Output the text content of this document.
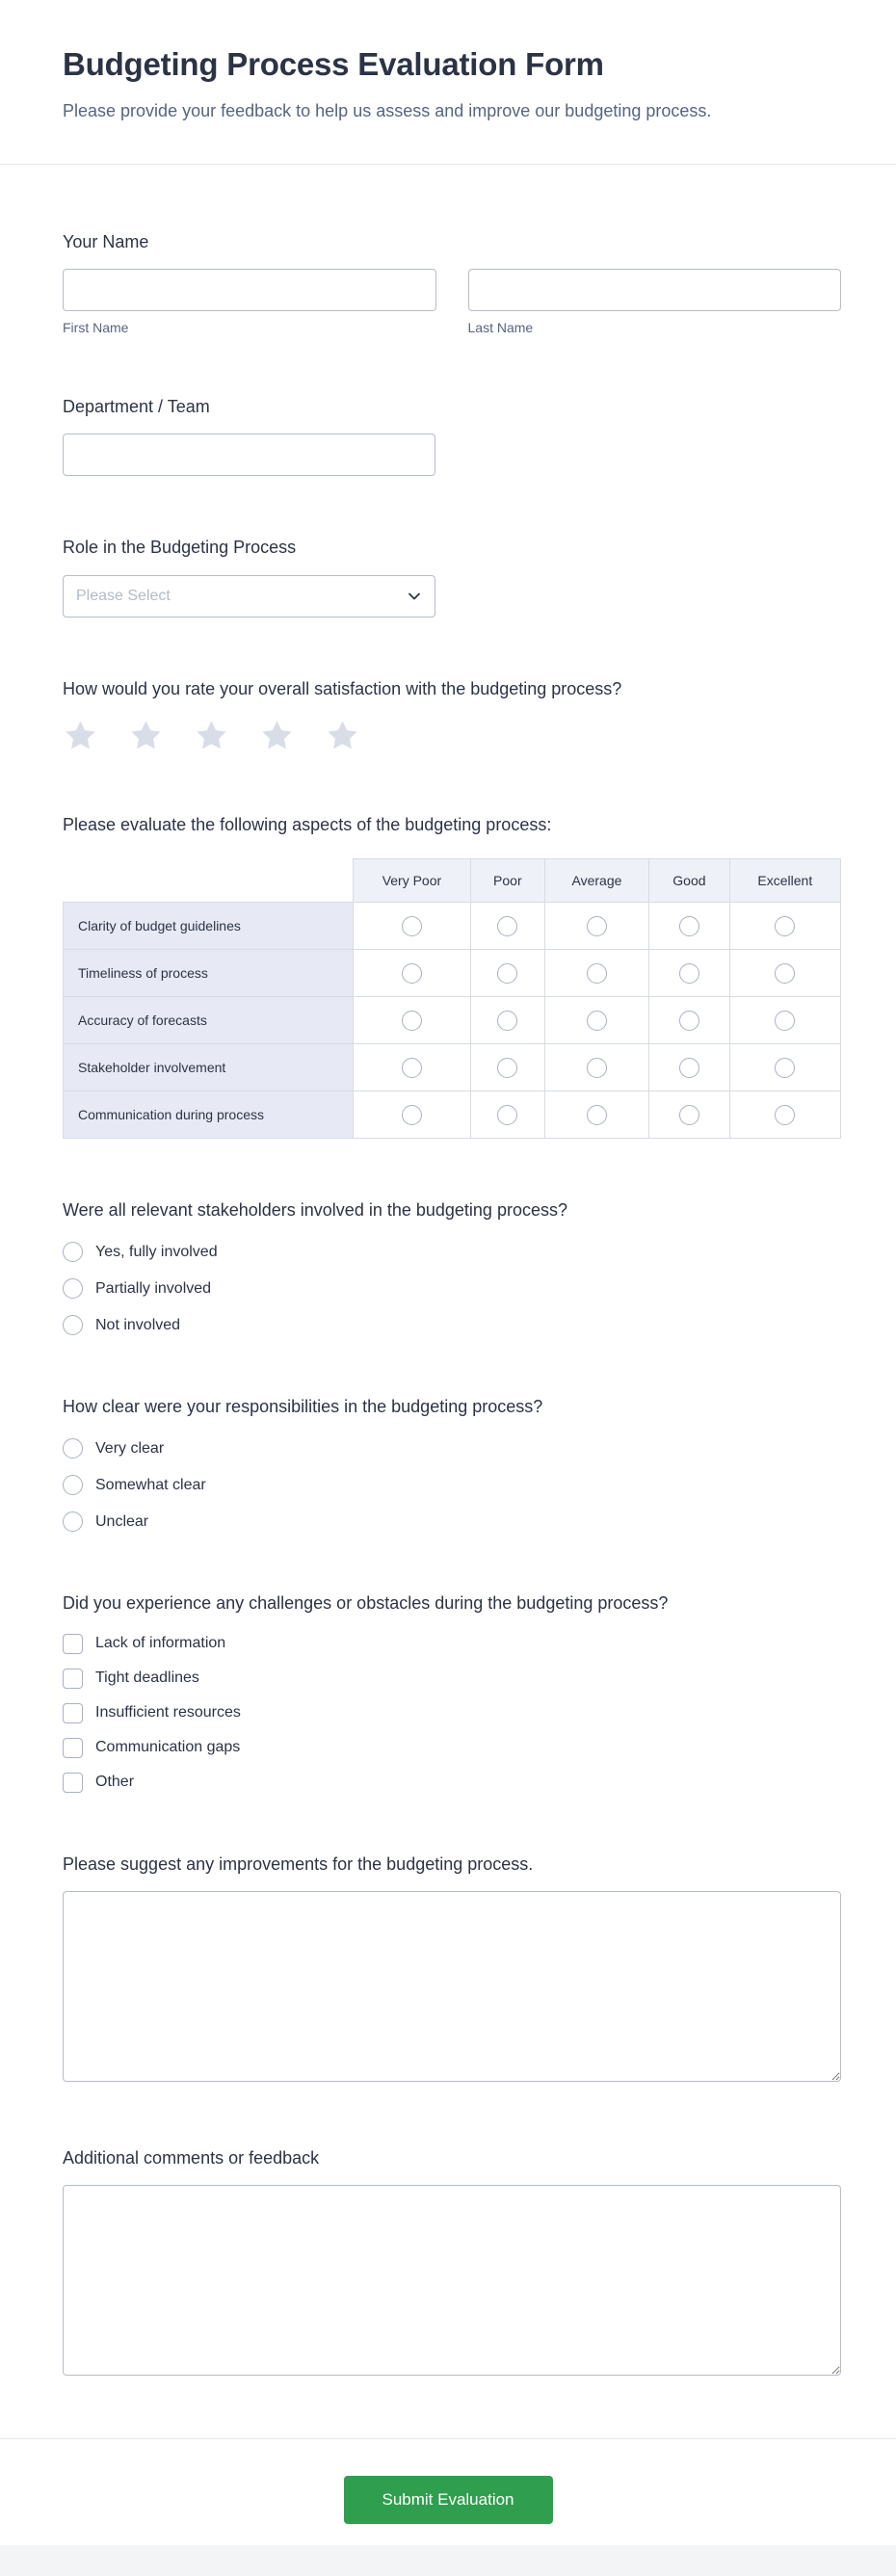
Budgeting Process Evaluation Form
Please provide your feedback to help us assess and improve our budgeting process.
Your Name
First Name	Last Name
Department / Team
Role in the Budgeting Process
Please Select
How would you rate your overall satisfaction with the budgeting process?
Please evaluate the following aspects of the budgeting process:
	Very Poor	Poor	Average	Good	Excellent
Clarity of budget guidelines					
Timeliness of process					
Accuracy of forecasts					
Stakeholder involvement					
Communication during process					
Were all relevant stakeholders involved in the budgeting process?
Yes, fully involved
Partially involved
Not involved
How clear were your responsibilities in the budgeting process?
Very clear
Somewhat clear
Unclear
Did you experience any challenges or obstacles during the budgeting process?
Lack of information
Tight deadlines
Insufficient resources
Communication gaps
Other
Please suggest any improvements for the budgeting process.
Additional comments or feedback
Submit Evaluation
